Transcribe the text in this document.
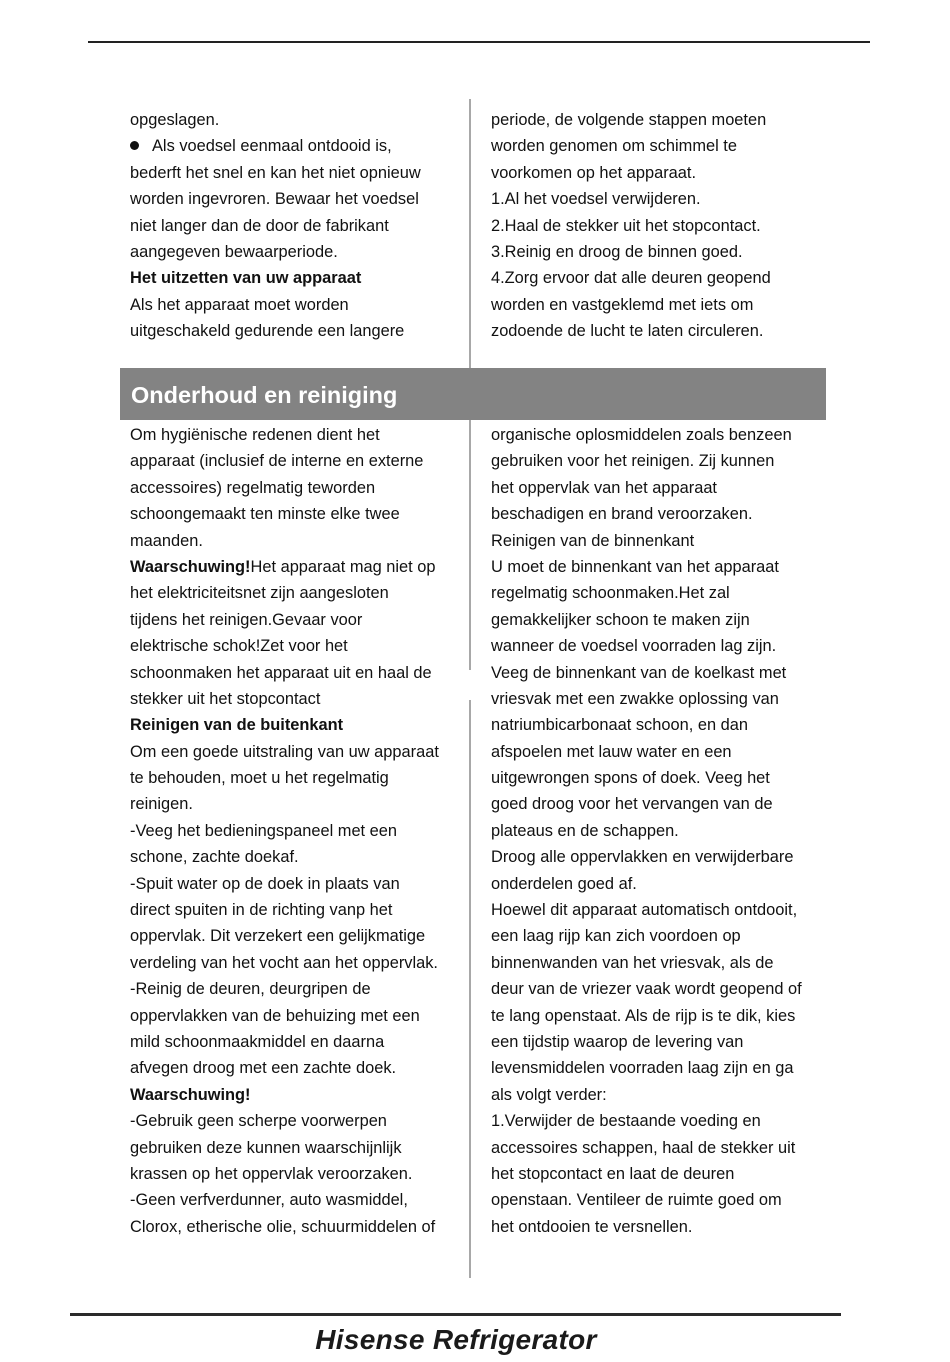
opgeslagen.
Als voedsel eenmaal ontdooid is,
bederft het snel en kan het niet opnieuw
worden ingevroren. Bewaar het voedsel
niet langer dan de door de fabrikant
aangegeven bewaarperiode.
Het uitzetten van uw apparaat
Als het apparaat moet worden
uitgeschakeld gedurende een langere
periode, de volgende stappen moeten
worden genomen om schimmel te
voorkomen op het apparaat.
1.Al het voedsel verwijderen.
2.Haal de stekker uit het stopcontact.
3.Reinig en droog de binnen goed.
4.Zorg ervoor dat alle deuren geopend
worden en vastgeklemd met iets om
zodoende de lucht te laten circuleren.
Onderhoud en reiniging
Om hygiënische redenen dient het
apparaat (inclusief de interne en externe
accessoires) regelmatig teworden
schoongemaakt ten minste elke twee
maanden.
Waarschuwing!Het apparaat mag niet op
het elektriciteitsnet zijn aangesloten
tijdens het reinigen.Gevaar voor
elektrische schok!Zet voor het
schoonmaken het apparaat uit en haal de
stekker uit het stopcontact
Reinigen van de buitenkant
Om een goede uitstraling van uw apparaat
te behouden, moet u het regelmatig
reinigen.
-Veeg het bedieningspaneel met een
schone, zachte doekaf.
-Spuit water op de doek in plaats van
direct spuiten in de richting vanp het
oppervlak. Dit verzekert een gelijkmatige
verdeling van het vocht aan het oppervlak.
-Reinig de deuren, deurgripen de
oppervlakken van de behuizing met een
mild schoonmaakmiddel en daarna
afvegen droog met een zachte doek.
Waarschuwing!
-Gebruik geen scherpe voorwerpen
gebruiken deze kunnen waarschijnlijk
krassen op het oppervlak veroorzaken.
-Geen verfverdunner, auto wasmiddel,
Clorox, etherische olie, schuurmiddelen of
organische oplosmiddelen zoals benzeen
gebruiken voor het reinigen. Zij kunnen
het oppervlak van het apparaat
beschadigen en brand veroorzaken.
Reinigen van de binnenkant
U moet de binnenkant van het apparaat
regelmatig schoonmaken.Het zal
gemakkelijker schoon te maken zijn
wanneer de voedsel voorraden lag zijn.
Veeg de binnenkant van de koelkast met
vriesvak met een zwakke oplossing van
natriumbicarbonaat schoon, en dan
afspoelen met lauw water en een
uitgewrongen spons of doek. Veeg het
goed droog voor het vervangen van de
plateaus en de schappen.
Droog alle oppervlakken en verwijderbare
onderdelen goed af.
Hoewel dit apparaat automatisch ontdooit,
een laag rijp kan zich voordoen op
binnenwanden van het vriesvak, als de
deur van de vriezer vaak wordt geopend of
te lang openstaat. Als de rijp is te dik, kies
een tijdstip waarop de levering van
levensmiddelen voorraden laag zijn en ga
als volgt verder:
1.Verwijder de bestaande voeding en
accessoires schappen, haal de stekker uit
het stopcontact en laat de deuren
openstaan. Ventileer de ruimte goed om
het ontdooien te versnellen.
Hisense Refrigerator
